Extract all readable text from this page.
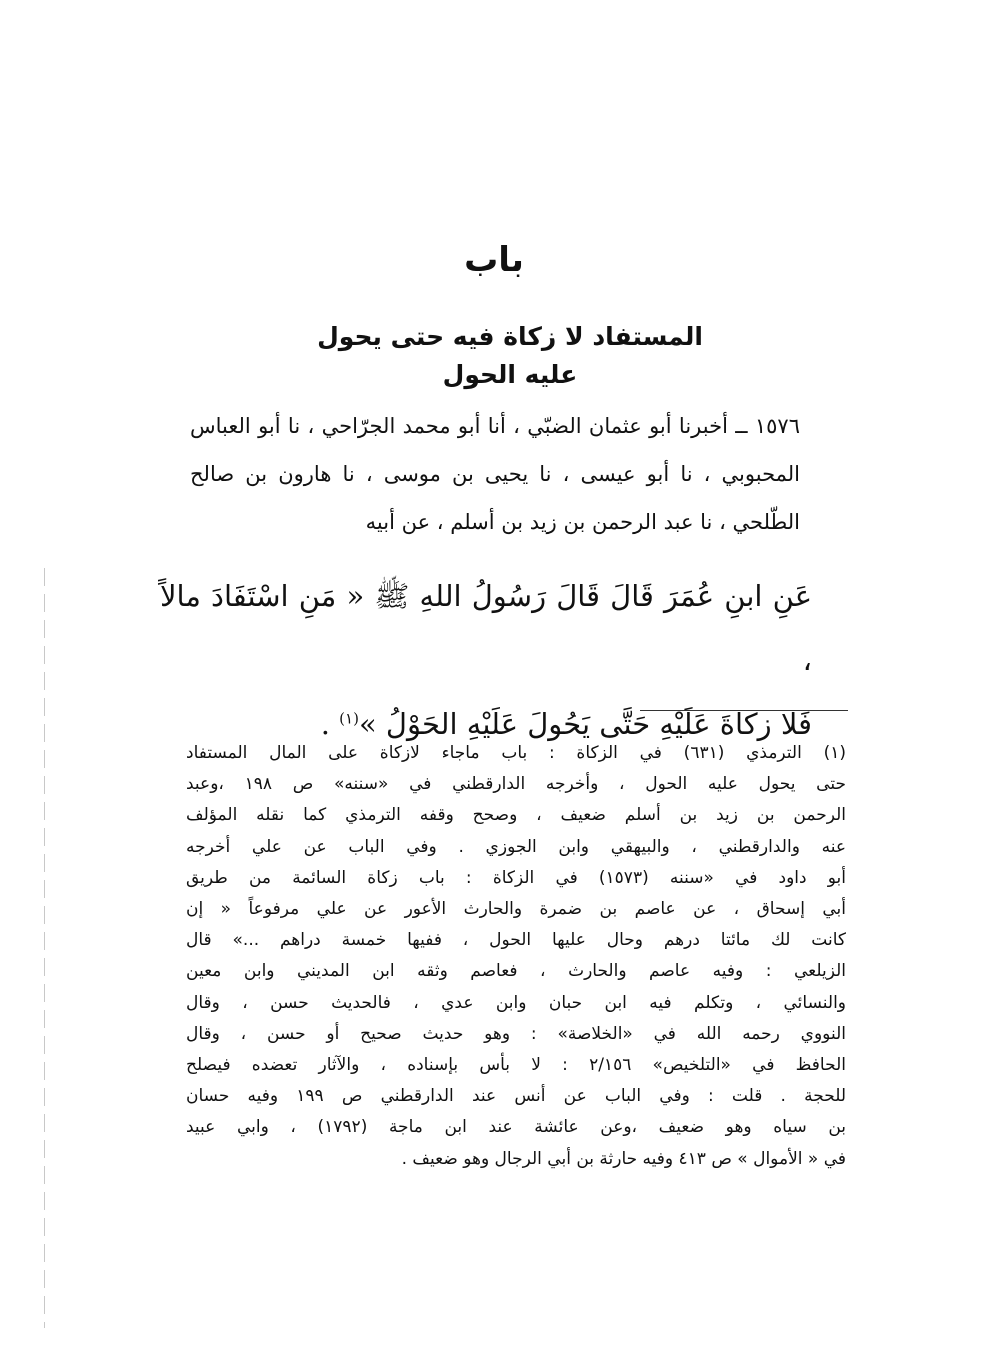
باب
المستفاد لا زكاة فيه حتى يحول عليه الحول
١٥٧٦ ــ أخبرنا أبو عثمان الضبّي ، أنا أبو محمد الجرّاحي ، نا أبو العباس
المحبوبي ، نا أبو عيسى ، نا يحيى بن موسى ، نا هارون بن صالح
الطّلحي ، نا عبد الرحمن بن زيد بن أسلم ، عن أبيه
عَنِ ابنِ عُمَرَ قَالَ قَالَ رَسُولُ اللهِ ﷺ « مَنِ اسْتَفَادَ مالاً ،
فَلا زكاةَ عَلَيْهِ حَتَّى يَحُولَ عَلَيْهِ الحَوْلُ »$^{(١)}$ .
(١) الترمذي (٦٣١) في الزكاة : باب ماجاء لازكاة على المال المستفاد
حتى يحول عليه الحول ، وأخرجه الدارقطني في «سننه» ص ١٩٨ ،وعبد
الرحمن بن زيد بن أسلم ضعيف ، وصحح وقفه الترمذي كما نقله المؤلف
عنه والدارقطني ، والبيهقي وابن الجوزي . وفي الباب عن علي أخرجه
أبو داود في «سننه (١٥٧٣) في الزكاة : باب زكاة السائمة من طريق
أبي إسحاق ، عن عاصم بن ضمرة والحارث الأعور عن علي مرفوعاً « إن
كانت لك مائتا درهم وحال عليها الحول ، ففيها خمسة دراهم ...» قال
الزيلعي : وفيه عاصم والحارث ، فعاصم وثقه ابن المديني وابن معين
والنسائي ، وتكلم فيه ابن حبان وابن عدي ، فالحديث حسن ، وقال
النووي رحمه الله في «الخلاصة» : وهو حديث صحيح أو حسن ، وقال
الحافظ في «التلخيص» ٢/١٥٦ : لا بأس بإسناده ، والآثار تعضده فيصلح
للحجة . قلت : وفي الباب عن أنس عند الدارقطني ص ١٩٩ وفيه حسان
بن سياه وهو ضعيف ،وعن عائشة عند ابن ماجة (١٧٩٢) ، وابي عبيد
في « الأموال » ص ٤١٣ وفيه حارثة بن أبي الرجال وهو ضعيف .
